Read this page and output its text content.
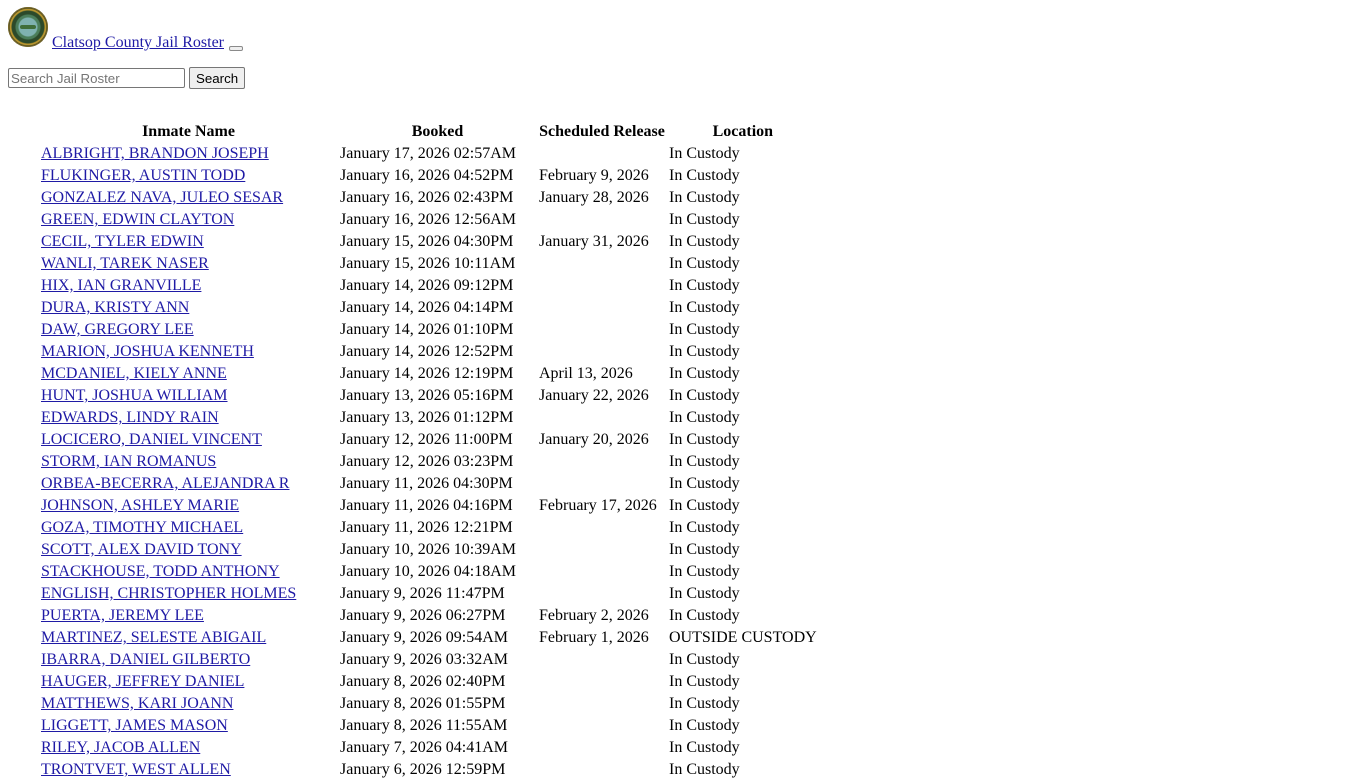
Clatsop County Jail Roster
Search Jail Roster
Search
Inmate Name	Booked	Scheduled Release	Location
ALBRIGHT, BRANDON JOSEPH	January 17, 2026 02:57AM		In Custody
FLUKINGER, AUSTIN TODD	January 16, 2026 04:52PM	February 9, 2026	In Custody
GONZALEZ NAVA, JULEO SESAR	January 16, 2026 02:43PM	January 28, 2026	In Custody
GREEN, EDWIN CLAYTON	January 16, 2026 12:56AM		In Custody
CECIL, TYLER EDWIN	January 15, 2026 04:30PM	January 31, 2026	In Custody
WANLI, TAREK NASER	January 15, 2026 10:11AM		In Custody
HIX, IAN GRANVILLE	January 14, 2026 09:12PM		In Custody
DURA, KRISTY ANN	January 14, 2026 04:14PM		In Custody
DAW, GREGORY LEE	January 14, 2026 01:10PM		In Custody
MARION, JOSHUA KENNETH	January 14, 2026 12:52PM		In Custody
MCDANIEL, KIELY ANNE	January 14, 2026 12:19PM	April 13, 2026	In Custody
HUNT, JOSHUA WILLIAM	January 13, 2026 05:16PM	January 22, 2026	In Custody
EDWARDS, LINDY RAIN	January 13, 2026 01:12PM		In Custody
LOCICERO, DANIEL VINCENT	January 12, 2026 11:00PM	January 20, 2026	In Custody
STORM, IAN ROMANUS	January 12, 2026 03:23PM		In Custody
ORBEA-BECERRA, ALEJANDRA R	January 11, 2026 04:30PM		In Custody
JOHNSON, ASHLEY MARIE	January 11, 2026 04:16PM	February 17, 2026	In Custody
GOZA, TIMOTHY MICHAEL	January 11, 2026 12:21PM		In Custody
SCOTT, ALEX DAVID TONY	January 10, 2026 10:39AM		In Custody
STACKHOUSE, TODD ANTHONY	January 10, 2026 04:18AM		In Custody
ENGLISH, CHRISTOPHER HOLMES	January 9, 2026 11:47PM		In Custody
PUERTA, JEREMY LEE	January 9, 2026 06:27PM	February 2, 2026	In Custody
MARTINEZ, SELESTE ABIGAIL	January 9, 2026 09:54AM	February 1, 2026	OUTSIDE CUSTODY
IBARRA, DANIEL GILBERTO	January 9, 2026 03:32AM		In Custody
HAUGER, JEFFREY DANIEL	January 8, 2026 02:40PM		In Custody
MATTHEWS, KARI JOANN	January 8, 2026 01:55PM		In Custody
LIGGETT, JAMES MASON	January 8, 2026 11:55AM		In Custody
RILEY, JACOB ALLEN	January 7, 2026 04:41AM		In Custody
TRONTVET, WEST ALLEN	January 6, 2026 12:59PM		In Custody
